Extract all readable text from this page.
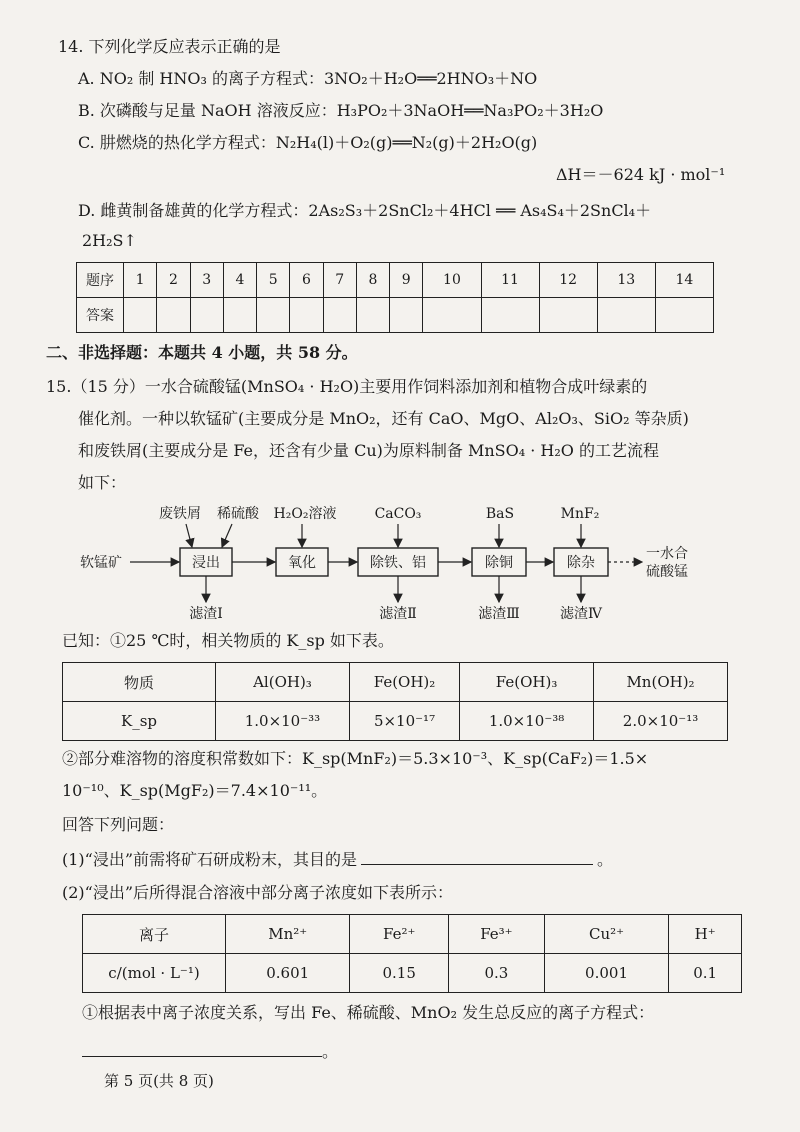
14. 下列化学反应表示正确的是
A. NO₂ 制 HNO₃ 的离子方程式：3NO₂＋H₂O══2HNO₃＋NO
B. 次磷酸与足量 NaOH 溶液反应：H₃PO₂＋3NaOH══Na₃PO₂＋3H₂O
C. 肼燃烧的热化学方程式：N₂H₄(l)＋O₂(g)══N₂(g)＋2H₂O(g)
ΔH＝－624 kJ · mol⁻¹
D. 雌黄制备雄黄的化学方程式：2As₂S₃＋2SnCl₂＋4HCl ══ As₄S₄＋2SnCl₄＋
2H₂S↑
题序	1	2	3	4	5	6	7	8	9	10	11	12	13	14
答案														
二、非选择题：本题共 4 小题，共 58 分。
15.（15 分）一水合硫酸锰(MnSO₄ · H₂O)主要用作饲料添加剂和植物合成叶绿素的
催化剂。一种以软锰矿(主要成分是 MnO₂，还有 CaO、MgO、Al₂O₃、SiO₂ 等杂质)
和废铁屑(主要成分是 Fe，还含有少量 Cu)为原料制备 MnSO₄ · H₂O 的工艺流程
如下：
废铁屑 稀硫酸 H₂O₂溶液	CaCO₃	BaS	MnF₂
软锰矿	浸出	氧化	除铁、铝	除铜	除杂
一水合
硫酸锰
滤渣Ⅰ	滤渣Ⅱ	滤渣Ⅲ	滤渣Ⅳ
已知：①25 ℃时，相关物质的 K_sp 如下表。
物质	Al(OH)₃	Fe(OH)₂	Fe(OH)₃	Mn(OH)₂
K_sp	1.0×10⁻³³	5×10⁻¹⁷	1.0×10⁻³⁸	2.0×10⁻¹³
②部分难溶物的溶度积常数如下：K_sp(MnF₂)＝5.3×10⁻³、K_sp(CaF₂)＝1.5×
10⁻¹⁰、K_sp(MgF₂)＝7.4×10⁻¹¹。
回答下列问题：
(1)“浸出”前需将矿石研成粉末，其目的是	。
(2)“浸出”后所得混合溶液中部分离子浓度如下表所示：
离子	Mn²⁺	Fe²⁺	Fe³⁺	Cu²⁺	H⁺
c/(mol · L⁻¹)	0.601	0.15	0.3	0.001	0.1
①根据表中离子浓度关系，写出 Fe、稀硫酸、MnO₂ 发生总反应的离子方程式：
。
第 5 页(共 8 页)
